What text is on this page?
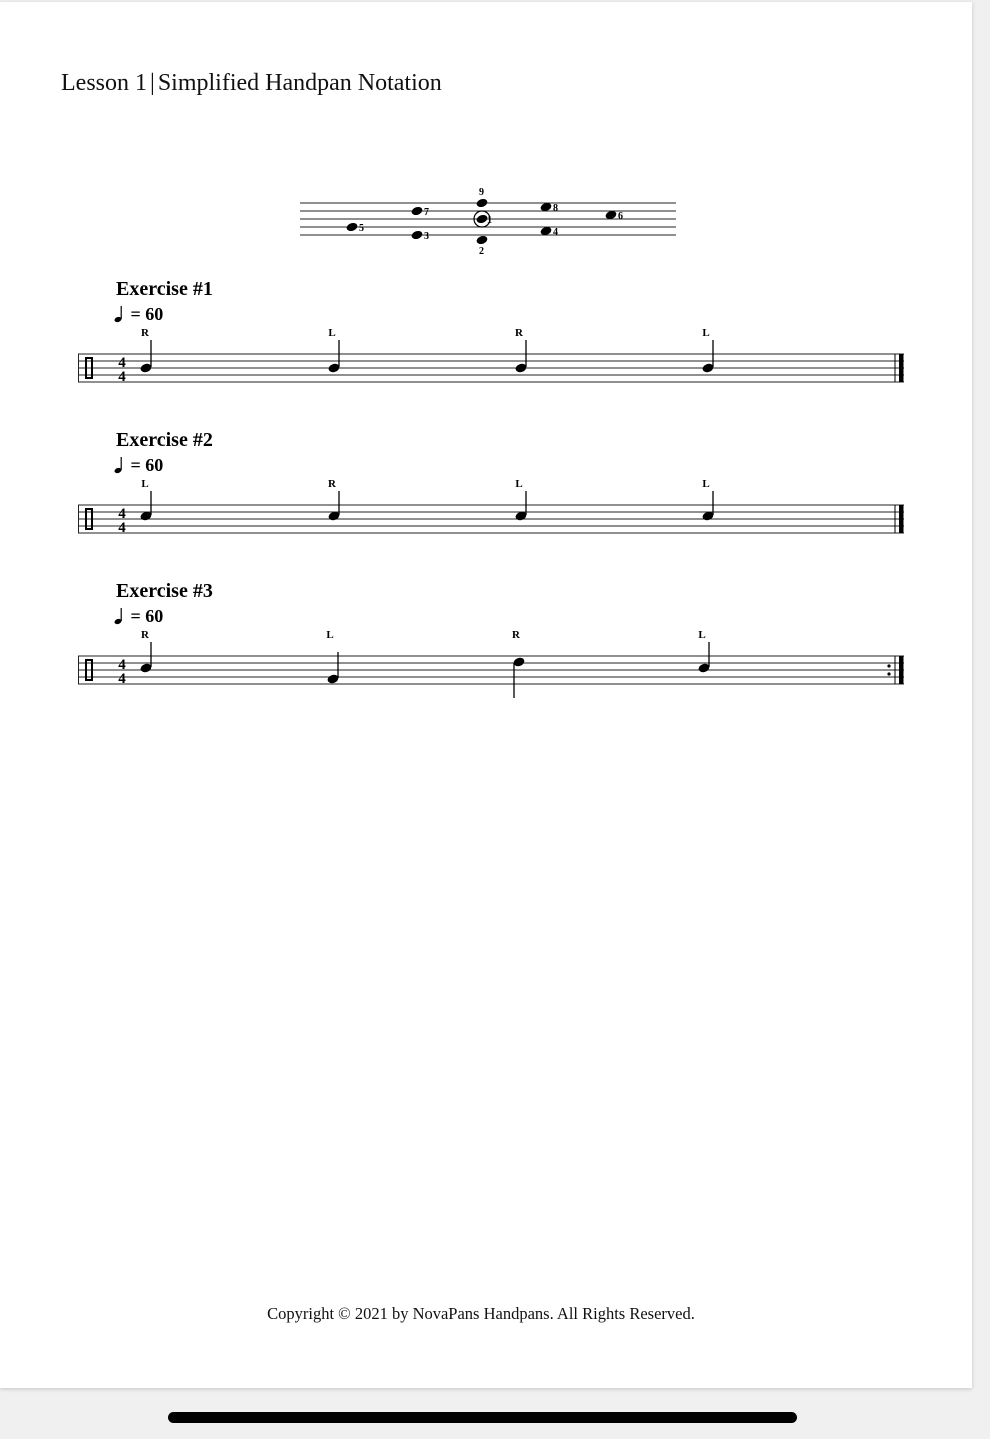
Lesson 1 | Simplified Handpan Notation
9
7	8
1	6
5
3	4
2
Exercise #1
= 60
4
4
R	L	R	L
Exercise #2
= 60
4
4
L	R	L	L
Exercise #3
= 60
4
4
R	L	R	L
Copyright © 2021 by NovaPans Handpans. All Rights Reserved.
